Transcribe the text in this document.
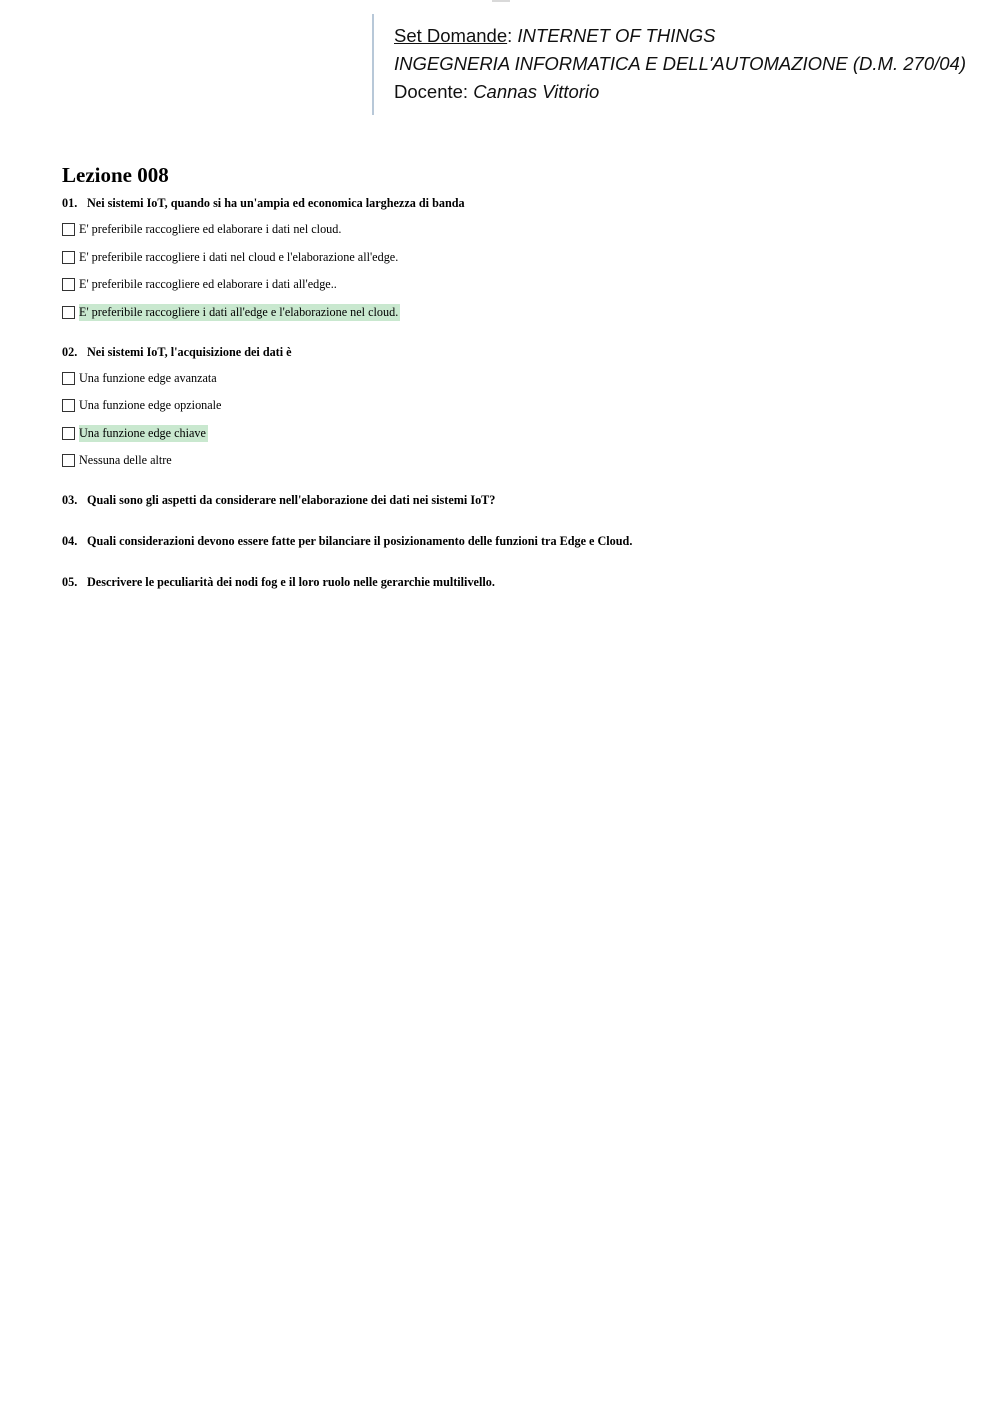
Set Domande: INTERNET OF THINGS
INGEGNERIA INFORMATICA E DELL'AUTOMAZIONE (D.M. 270/04)
Docente: Cannas Vittorio
Lezione 008

01. Nei sistemi IoT, quando si ha un'ampia ed economica larghezza di banda

E' preferibile raccogliere ed elaborare i dati nel cloud.
E' preferibile raccogliere i dati nel cloud e l'elaborazione all'edge.
E' preferibile raccogliere ed elaborare i dati all'edge..
E' preferibile raccogliere i dati all'edge e l'elaborazione nel cloud.

02. Nei sistemi IoT, l'acquisizione dei dati è

Una funzione edge avanzata
Una funzione edge opzionale
Una funzione edge chiave
Nessuna delle altre

03. Quali sono gli aspetti da considerare nell'elaborazione dei dati nei sistemi IoT?

04. Quali considerazioni devono essere fatte per bilanciare il posizionamento delle funzioni tra Edge e Cloud.

05. Descrivere le peculiarità dei nodi fog e il loro ruolo nelle gerarchie multilivello.
